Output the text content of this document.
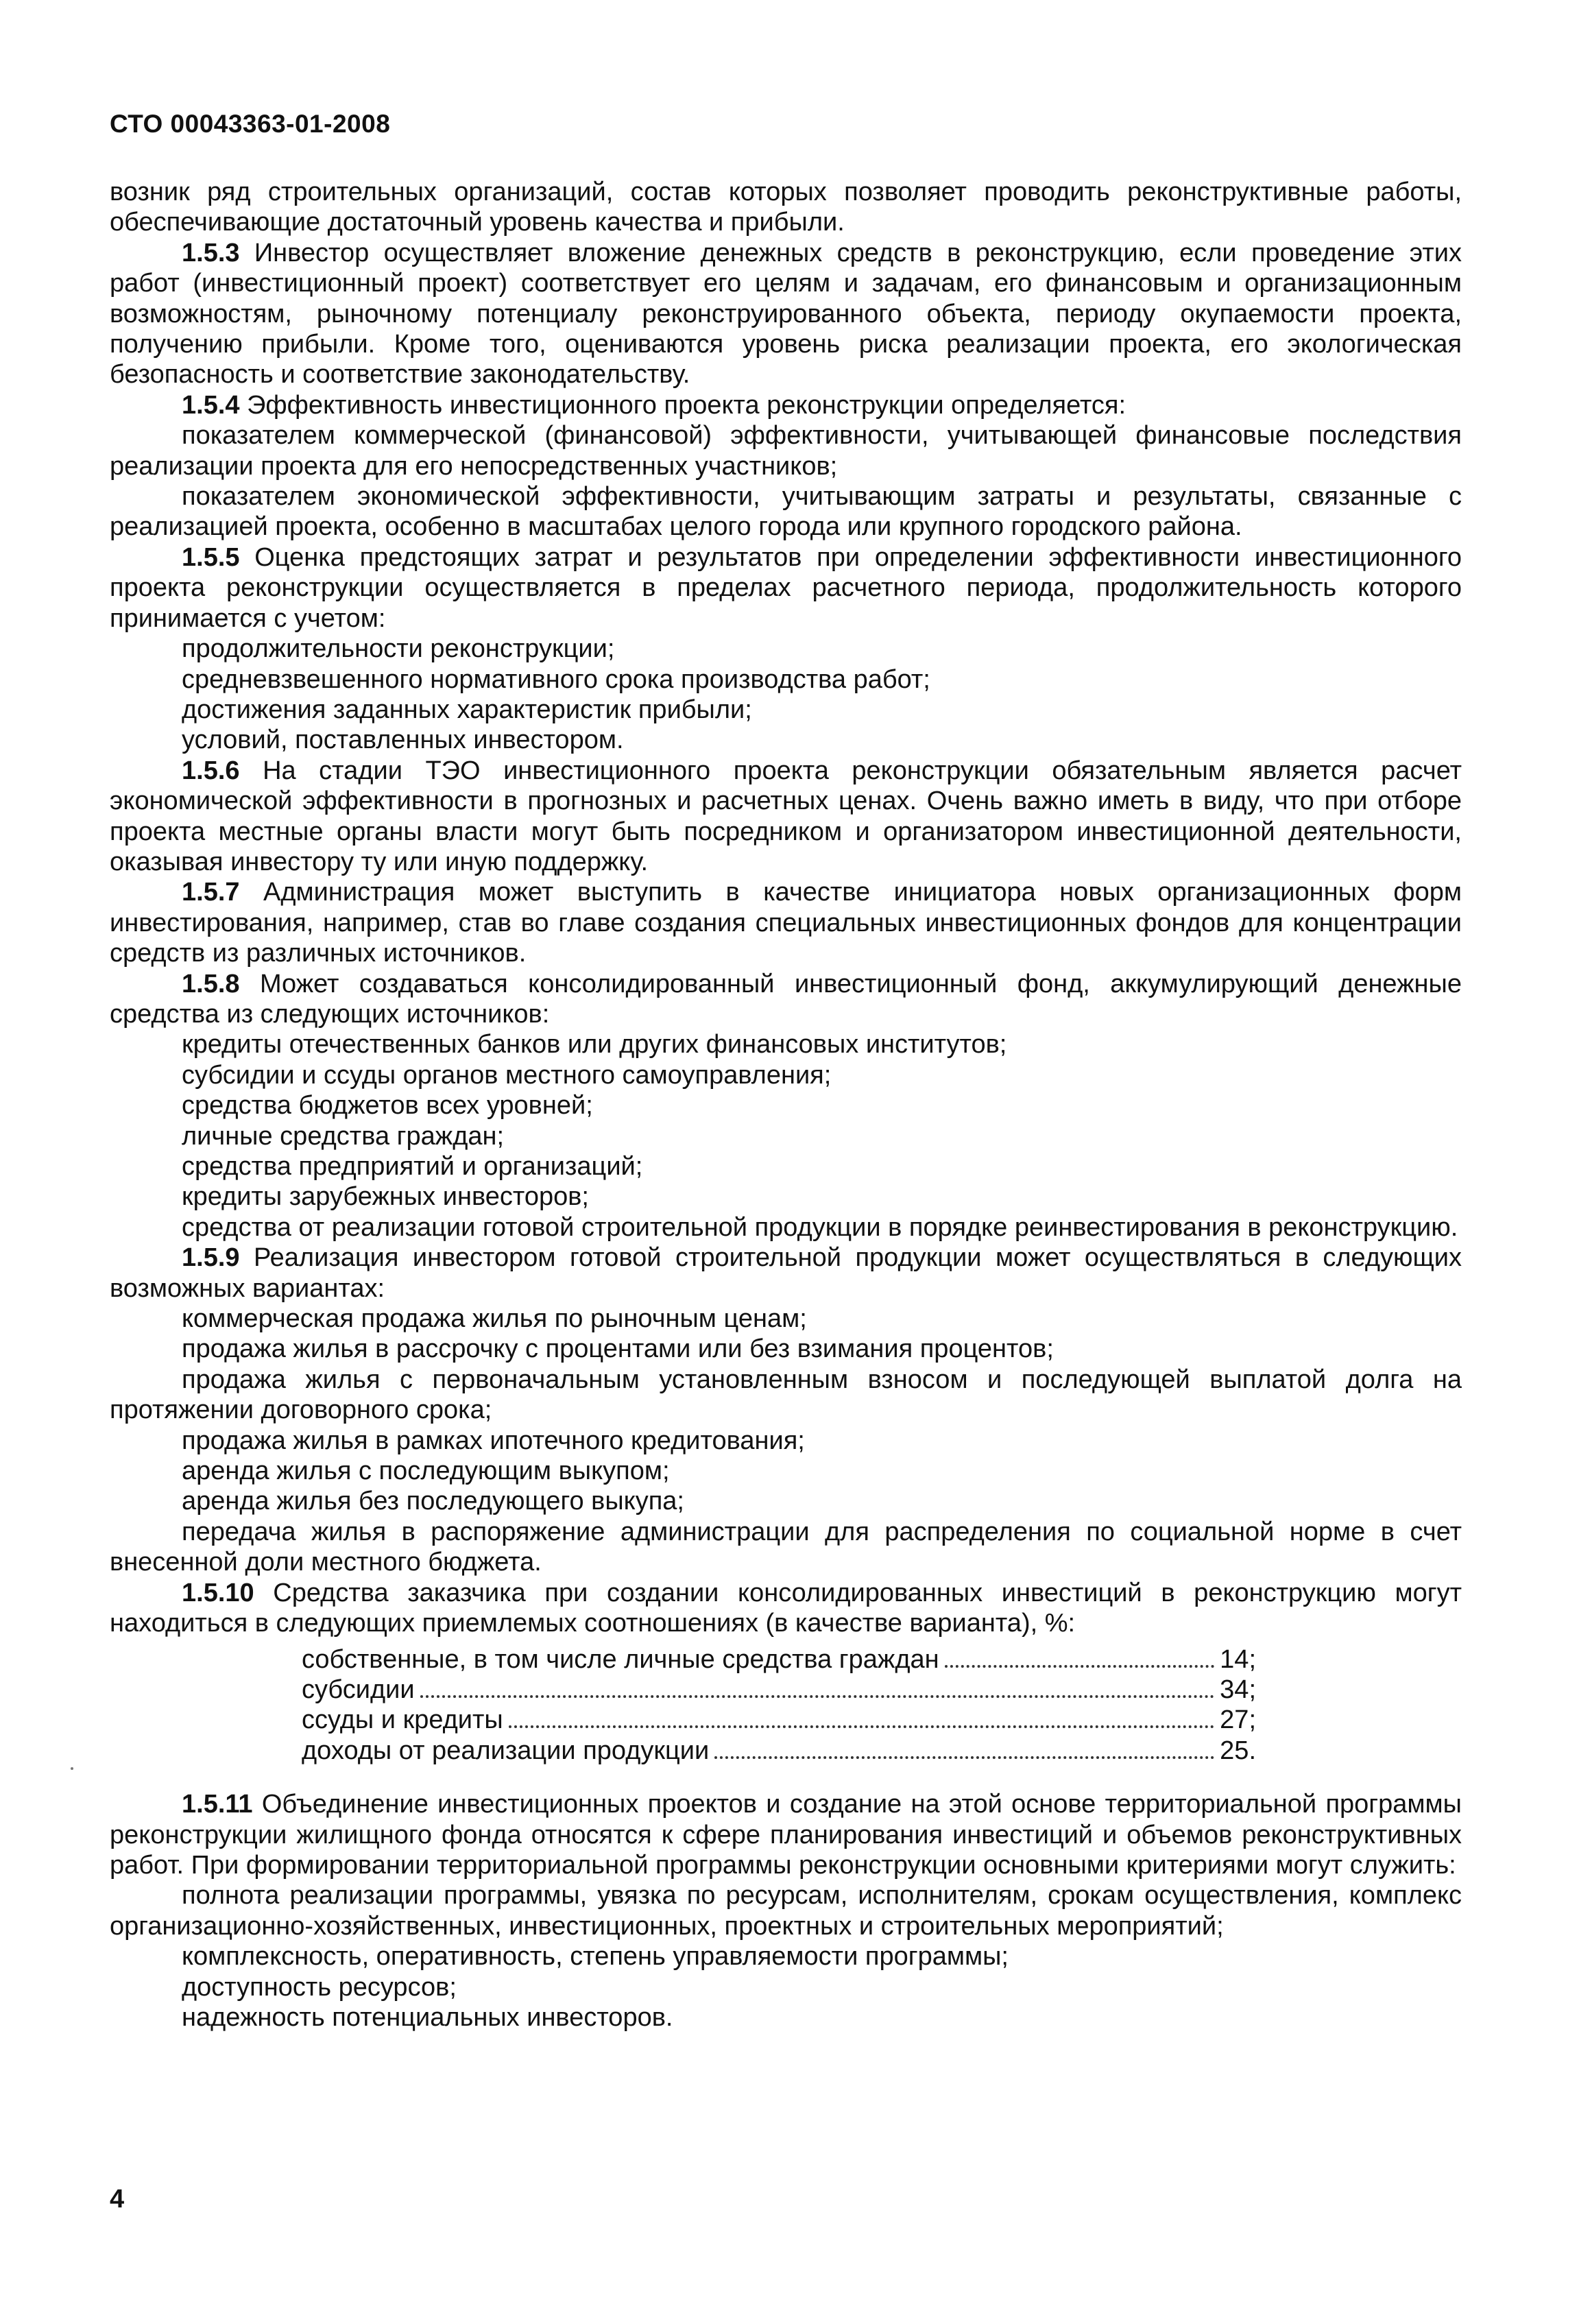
СТО 00043363-01-2008

возник ряд строительных организаций, состав которых позволяет проводить реконструктивные работы, обеспечивающие достаточный уровень качества и прибыли.

1.5.3 Инвестор осуществляет вложение денежных средств в реконструкцию, если проведение этих работ (инвестиционный проект) соответствует его целям и задачам, его финансовым и организационным возможностям, рыночному потенциалу реконструированного объекта, периоду окупаемости проекта, получению прибыли. Кроме того, оцениваются уровень риска реализации проекта, его экологическая безопасность и соответствие законодательству.

1.5.4 Эффективность инвестиционного проекта реконструкции определяется:

показателем коммерческой (финансовой) эффективности, учитывающей финансовые последствия реализации проекта для его непосредственных участников;

показателем экономической эффективности, учитывающим затраты и результаты, связанные с реализацией проекта, особенно в масштабах целого города или крупного городского района.

1.5.5 Оценка предстоящих затрат и результатов при определении эффективности инвестиционного проекта реконструкции осуществляется в пределах расчетного периода, продолжительность которого принимается с учетом:

продолжительности реконструкции;

средневзвешенного нормативного срока производства работ;

достижения заданных характеристик прибыли;

условий, поставленных инвестором.

1.5.6 На стадии ТЭО инвестиционного проекта реконструкции обязательным является расчет экономической эффективности в прогнозных и расчетных ценах. Очень важно иметь в виду, что при отборе проекта местные органы власти могут быть посредником и организатором инвестиционной деятельности, оказывая инвестору ту или иную поддержку.

1.5.7 Администрация может выступить в качестве инициатора новых организационных форм инвестирования, например, став во главе создания специальных инвестиционных фондов для концентрации средств из различных источников.

1.5.8 Может создаваться консолидированный инвестиционный фонд, аккумулирующий денежные средства из следующих источников:

кредиты отечественных банков или других финансовых институтов;

субсидии и ссуды органов местного самоуправления;

средства бюджетов всех уровней;

личные средства граждан;

средства предприятий и организаций;

кредиты зарубежных инвесторов;

средства от реализации готовой строительной продукции в порядке реинвестирования в реконструкцию.

1.5.9 Реализация инвестором готовой строительной продукции может осуществляться в следующих возможных вариантах:

коммерческая продажа жилья по рыночным ценам;

продажа жилья в рассрочку с процентами или без взимания процентов;

продажа жилья с первоначальным установленным взносом и последующей выплатой долга на протяжении договорного срока;

продажа жилья в рамках ипотечного кредитования;

аренда жилья с последующим выкупом;

аренда жилья без последующего выкупа;

передача жилья в распоряжение администрации для распределения по социальной норме в счет внесенной доли местного бюджета.

1.5.10 Средства заказчика при создании консолидированных инвестиций в реконструкцию могут находиться в следующих приемлемых соотношениях (в качестве варианта), %:

собственные, в том числе личные средства граждан	14;
субсидии	34;
ссуды и кредиты	27;
доходы от реализации продукции	25.

1.5.11 Объединение инвестиционных проектов и создание на этой основе территориальной программы реконструкции жилищного фонда относятся к сфере планирования инвестиций и объемов реконструктивных работ. При формировании территориальной программы реконструкции основными критериями могут служить:

полнота реализации программы, увязка по ресурсам, исполнителям, срокам осуществления, комплекс организационно-хозяйственных, инвестиционных, проектных и строительных мероприятий;

комплексность, оперативность, степень управляемости программы;

доступность ресурсов;

надежность потенциальных инвесторов.

4
